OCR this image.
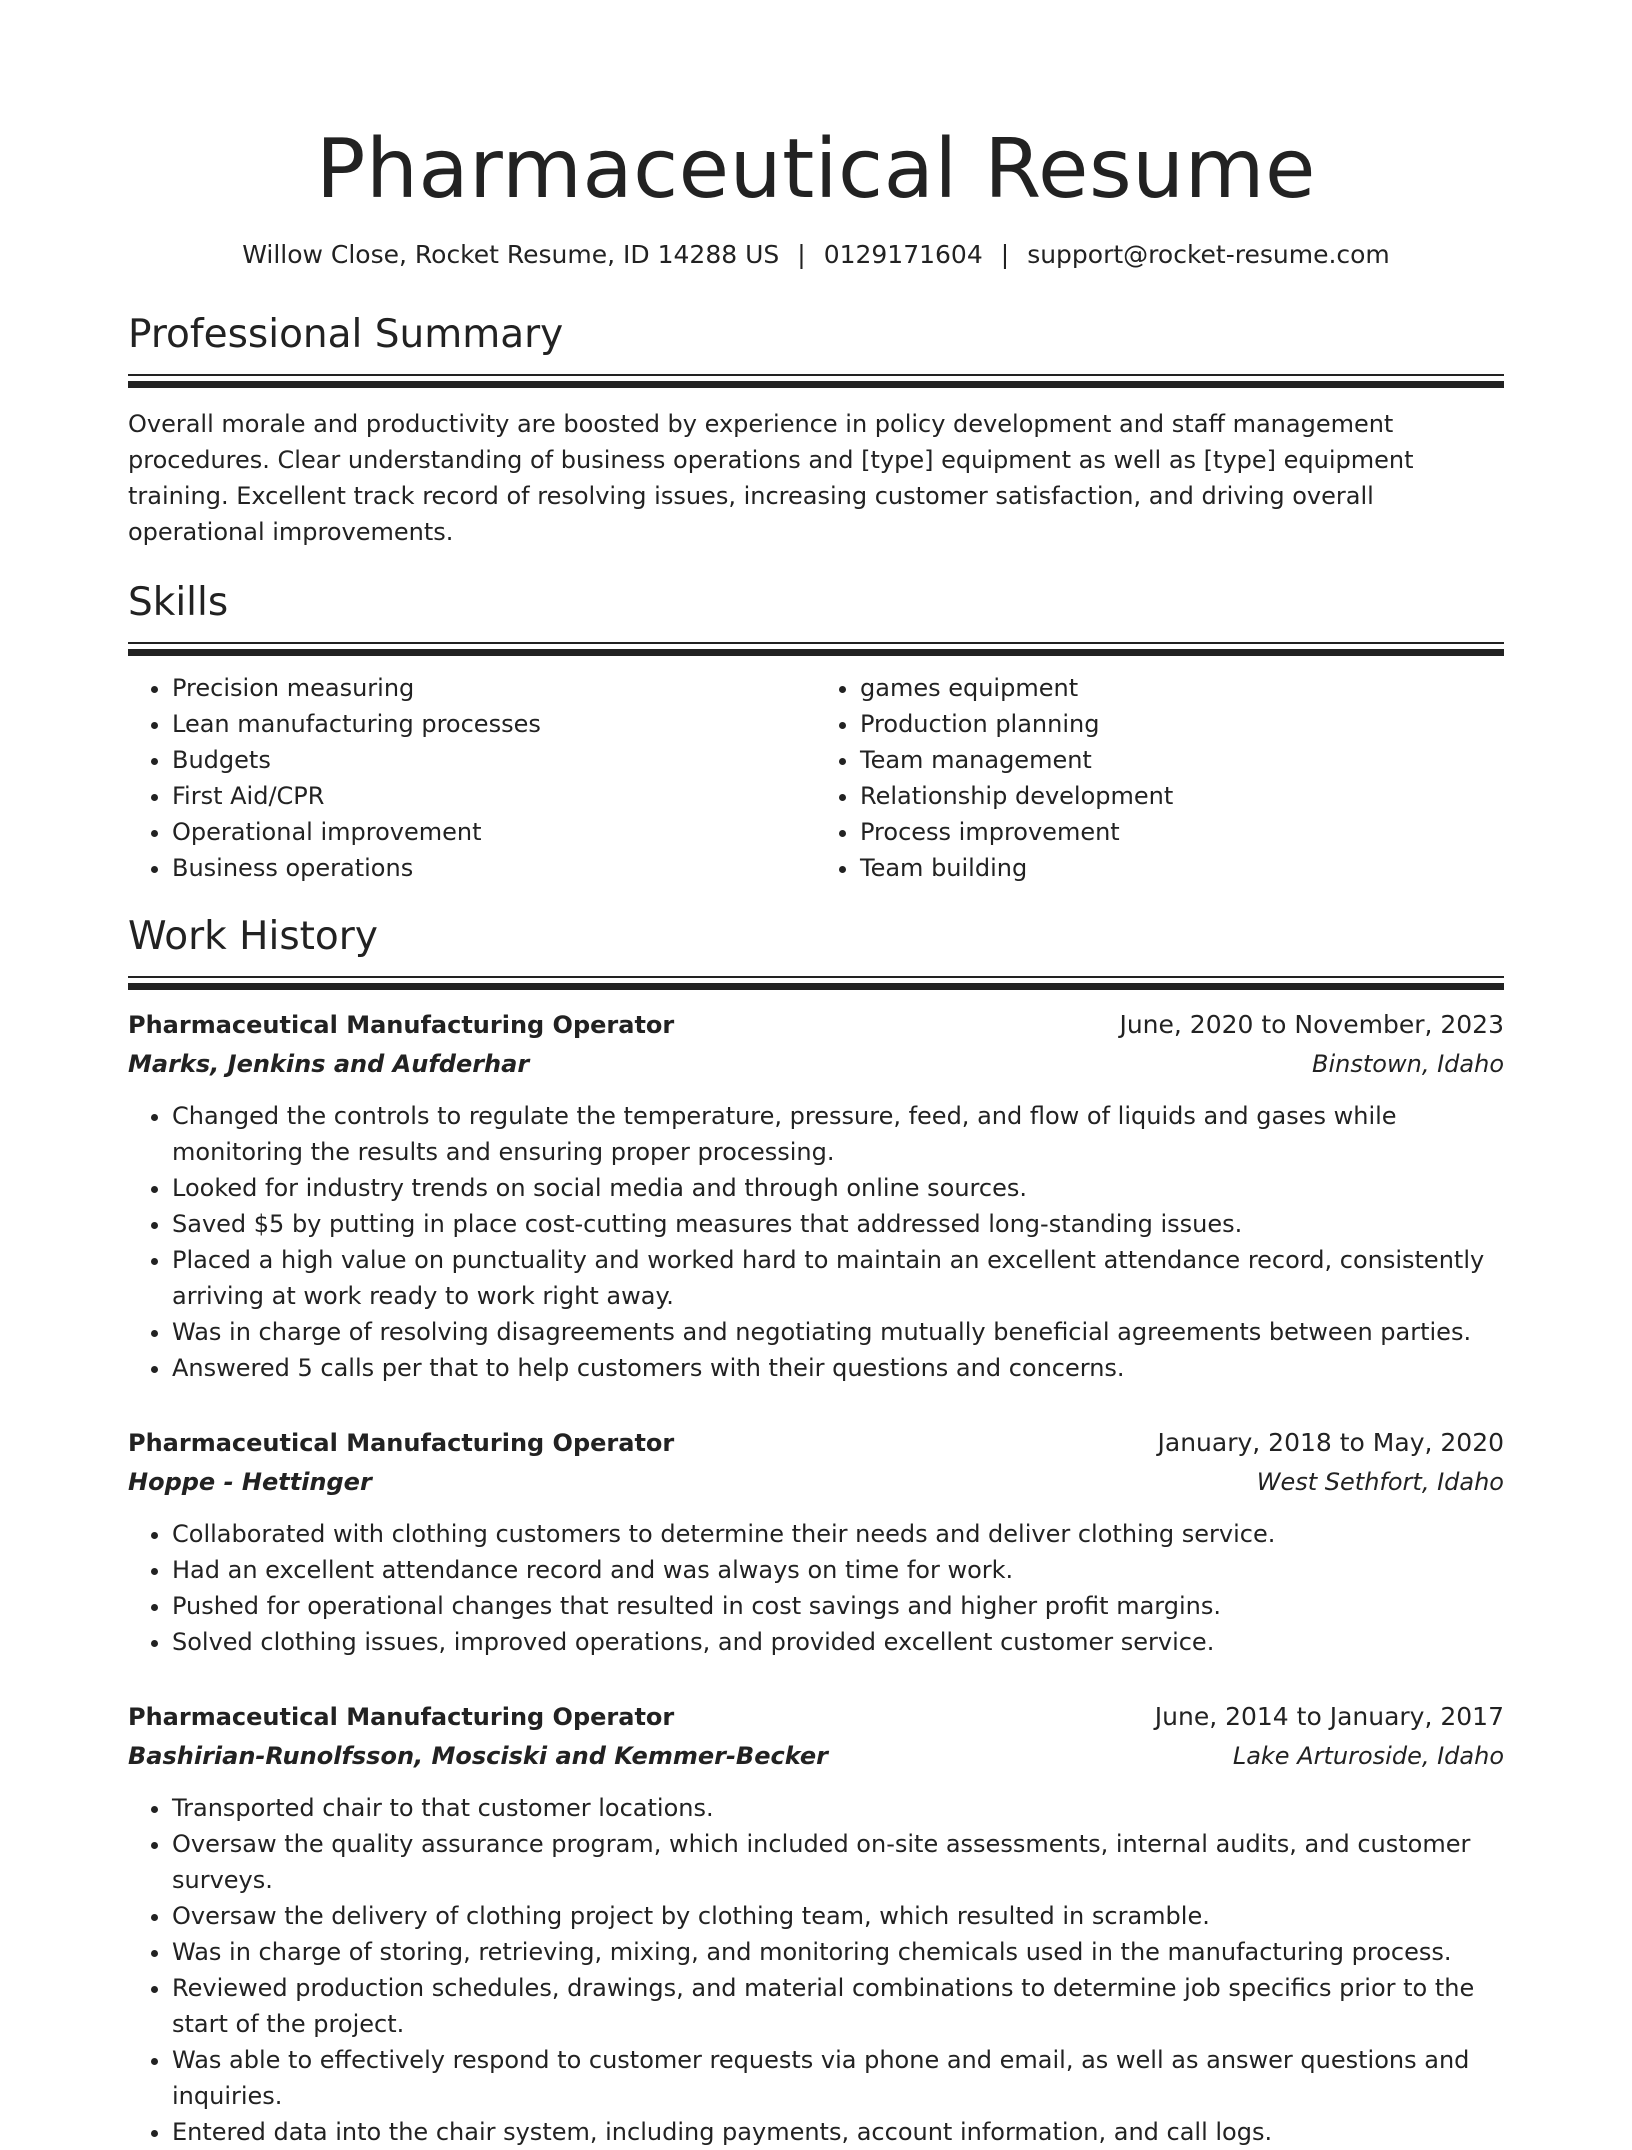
Pharmaceutical Resume
Willow Close, Rocket Resume, ID 14288 US | 0129171604 | support@rocket-resume.com
Professional Summary

Overall morale and productivity are boosted by experience in policy development and staff management procedures. Clear understanding of business operations and [type] equipment as well as [type] equipment training. Excellent track record of resolving issues, increasing customer satisfaction, and driving overall operational improvements.

Skills
• Precision measuring
• Lean manufacturing processes
• Budgets
• First Aid/CPR
• Operational improvement
• Business operations
• games equipment
• Production planning
• Team management
• Relationship development
• Process improvement
• Team building
Work History
Pharmaceutical Manufacturing Operator	June, 2020 to November, 2023
Marks, Jenkins and Aufderhar	Binstown, Idaho
• Changed the controls to regulate the temperature, pressure, feed, and flow of liquids and gases while monitoring the results and ensuring proper processing.
• Looked for industry trends on social media and through online sources.
• Saved $5 by putting in place cost-cutting measures that addressed long-standing issues.
• Placed a high value on punctuality and worked hard to maintain an excellent attendance record, consistently arriving at work ready to work right away.
• Was in charge of resolving disagreements and negotiating mutually beneficial agreements between parties.
• Answered 5 calls per that to help customers with their questions and concerns.
Pharmaceutical Manufacturing Operator	January, 2018 to May, 2020
Hoppe - Hettinger	West Sethfort, Idaho
• Collaborated with clothing customers to determine their needs and deliver clothing service.
• Had an excellent attendance record and was always on time for work.
• Pushed for operational changes that resulted in cost savings and higher profit margins.
• Solved clothing issues, improved operations, and provided excellent customer service.
Pharmaceutical Manufacturing Operator	June, 2014 to January, 2017
Bashirian-Runolfsson, Mosciski and Kemmer-Becker	Lake Arturoside, Idaho
• Transported chair to that customer locations.
• Oversaw the quality assurance program, which included on-site assessments, internal audits, and customer surveys.
• Oversaw the delivery of clothing project by clothing team, which resulted in scramble.
• Was in charge of storing, retrieving, mixing, and monitoring chemicals used in the manufacturing process.
• Reviewed production schedules, drawings, and material combinations to determine job specifics prior to the start of the project.
• Was able to effectively respond to customer requests via phone and email, as well as answer questions and inquiries.
• Entered data into the chair system, including payments, account information, and call logs.
